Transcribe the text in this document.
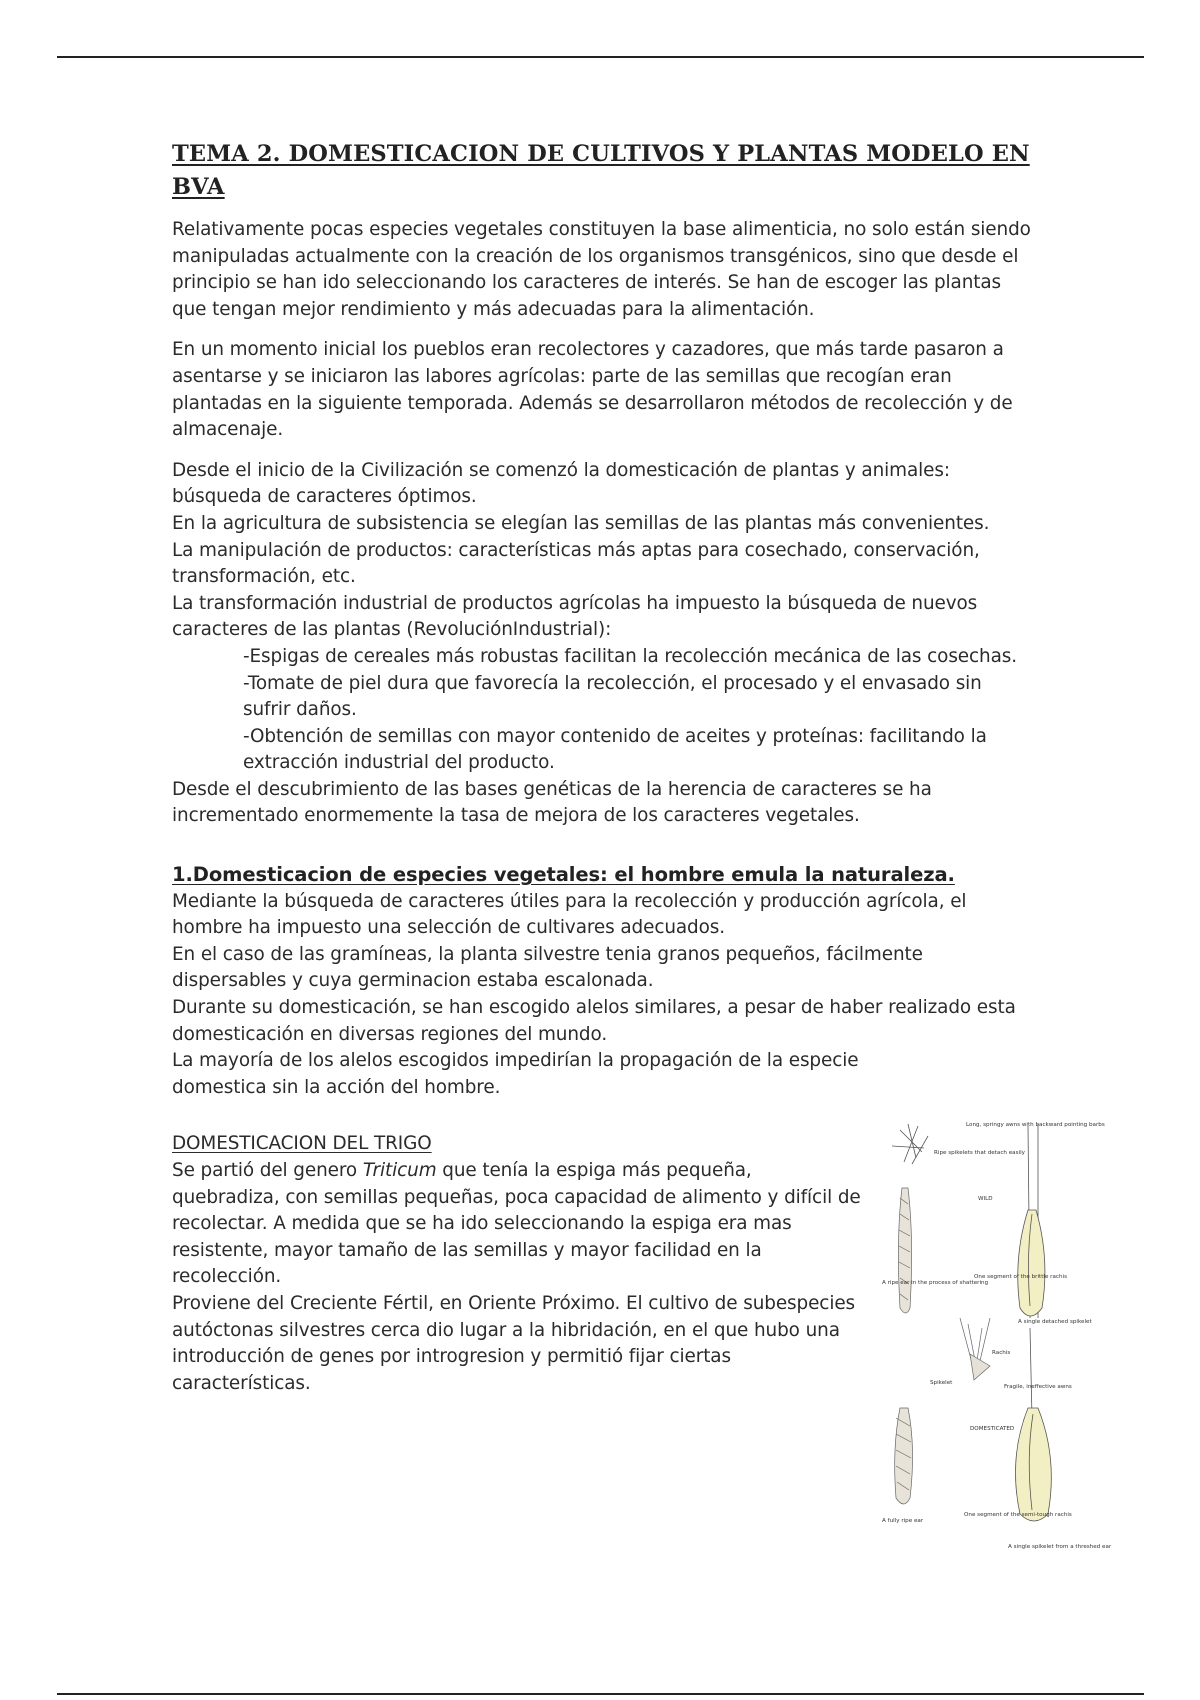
TEMA 2. DOMESTICACION DE CULTIVOS Y PLANTAS MODELO EN BVA

Relativamente pocas especies vegetales constituyen la base alimenticia, no solo están siendo manipuladas actualmente con la creación de los organismos transgénicos, sino que desde el principio se han ido seleccionando los caracteres de interés. Se han de escoger las plantas que tengan mejor rendimiento y más adecuadas para la alimentación.

En un momento inicial los pueblos eran recolectores y cazadores, que más tarde pasaron a asentarse y se iniciaron las labores agrícolas: parte de las semillas que recogían eran plantadas en la siguiente temporada. Además se desarrollaron métodos de recolección y de almacenaje.

Desde el inicio de la Civilización se comenzó la domesticación de plantas y animales: búsqueda de caracteres óptimos.

En la agricultura de subsistencia se elegían las semillas de las plantas más convenientes.

La manipulación de productos: características más aptas para cosechado, conservación, transformación, etc.

La transformación industrial de productos agrícolas ha impuesto la búsqueda de nuevos caracteres de las plantas (RevoluciónIndustrial):

-Espigas de cereales más robustas facilitan la recolección mecánica de las cosechas.

-Tomate de piel dura que favorecía la recolección, el procesado y el envasado sin sufrir daños.

-Obtención de semillas con mayor contenido de aceites y proteínas: facilitando la extracción industrial del producto.

Desde el descubrimiento de las bases genéticas de la herencia de caracteres se ha incrementado enormemente la tasa de mejora de los caracteres vegetales.

1.Domesticacion de especies vegetales: el hombre emula la naturaleza.

Mediante la búsqueda de caracteres útiles para la recolección y producción agrícola, el hombre ha impuesto una selección de cultivares adecuados.

En el caso de las gramíneas, la planta silvestre tenia granos pequeños, fácilmente dispersables y cuya germinacion estaba escalonada.

Durante su domesticación, se han escogido alelos similares, a pesar de haber realizado esta domesticación en diversas regiones del mundo.

La mayoría de los alelos escogidos impedirían la propagación de la especie domestica sin la acción del hombre.

DOMESTICACION DEL TRIGO

Se partió del genero Triticum que tenía la espiga más pequeña, quebradiza, con semillas pequeñas, poca capacidad de alimento y difícil de recolectar. A medida que se ha ido seleccionando la espiga era mas resistente, mayor tamaño de las semillas y mayor facilidad en la recolección.

Proviene del Creciente Fértil, en Oriente Próximo. El cultivo de subespecies autóctonas silvestres cerca dio lugar a la hibridación, en el que hubo una introducción de genes por introgresion y permitió fijar ciertas características.

Long, springy awns with backward pointing barbs
Ripe spikelets that detach easily
WILD
A ripe ear in the process of shattering
One segment of the brittle rachis
A single detached spikelet
Rachis
Spikelet
Fragile, ineffective awns
DOMESTICATED
A fully ripe ear
One segment of the semi-tough rachis
A single spikelet from a threshed ear
